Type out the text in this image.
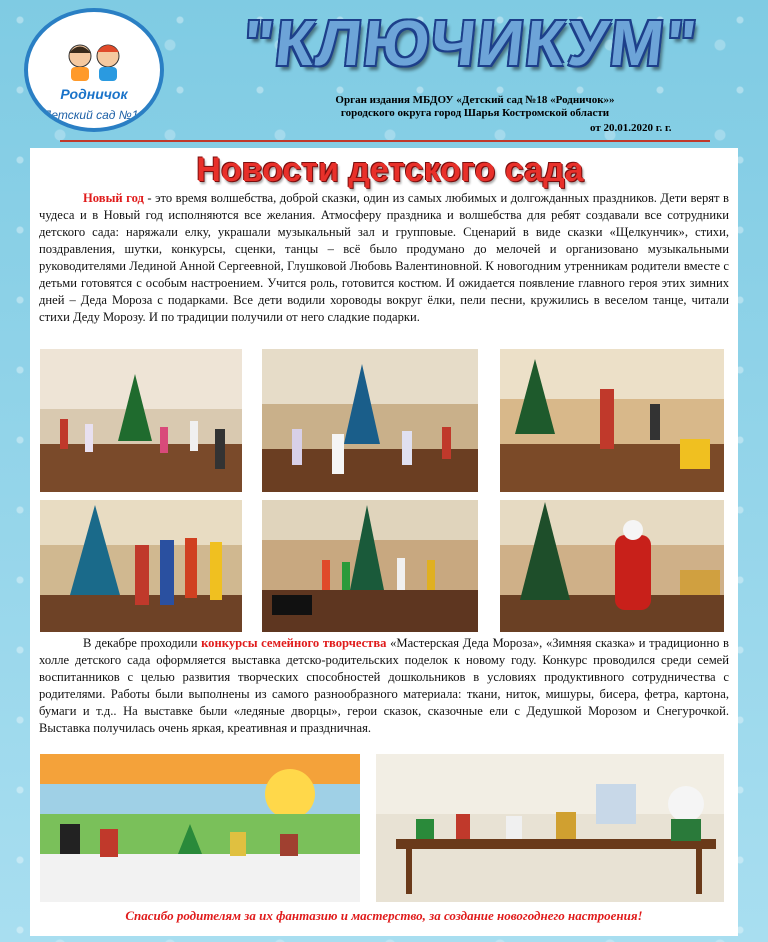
Родничок
Детский сад №18
"КЛЮЧИКУМ"
Орган издания МБДОУ «Детский сад №18 «Родничок»»
городского округа город Шарья Костромской области
от 20.01.2020 г. г.
Новости детского сада
Новый год - это время волшебства, доброй сказки, один из самых любимых и долгожданных праздников. Дети верят в чудеса и в Новый год исполняются все желания. Атмосферу праздника и волшебства для ребят создавали все сотрудники детского сада: наряжали елку, украшали музыкальный зал и групповые. Сценарий в виде сказки «Щелкунчик», стихи, поздравления, шутки, конкурсы, сценки, танцы – всё было продумано до мелочей и организовано музыкальными руководителями Лединой Анной Сергеевной, Глушковой Любовь Валентиновной. К новогодним утренникам родители вместе с детьми готовятся с особым настроением. Учится роль, готовится костюм. И ожидается появление главного героя этих зимних дней – Деда Мороза с подарками. Все дети водили хороводы вокруг ёлки, пели песни, кружились в веселом танце, читали стихи Деду Морозу. И по традиции получили от него сладкие подарки.
В декабре проходили конкурсы семейного творчества «Мастерская Деда Мороза», «Зимняя сказка» и традиционно в холле детского сада оформляется выставка детско-родительских поделок к новому году. Конкурс проводился среди семей воспитанников с целью развития творческих способностей дошкольников в условиях продуктивного сотрудничества с родителями. Работы были выполнены из самого разнообразного материала: ткани, ниток, мишуры, бисера, фетра, картона, бумаги и т.д.. На выставке были «ледяные дворцы», герои сказок, сказочные ели с Дедушкой Морозом и Снегурочкой. Выставка получилась очень яркая, креативная и праздничная.
Спасибо родителям за их фантазию и мастерство, за создание новогоднего настроения!
